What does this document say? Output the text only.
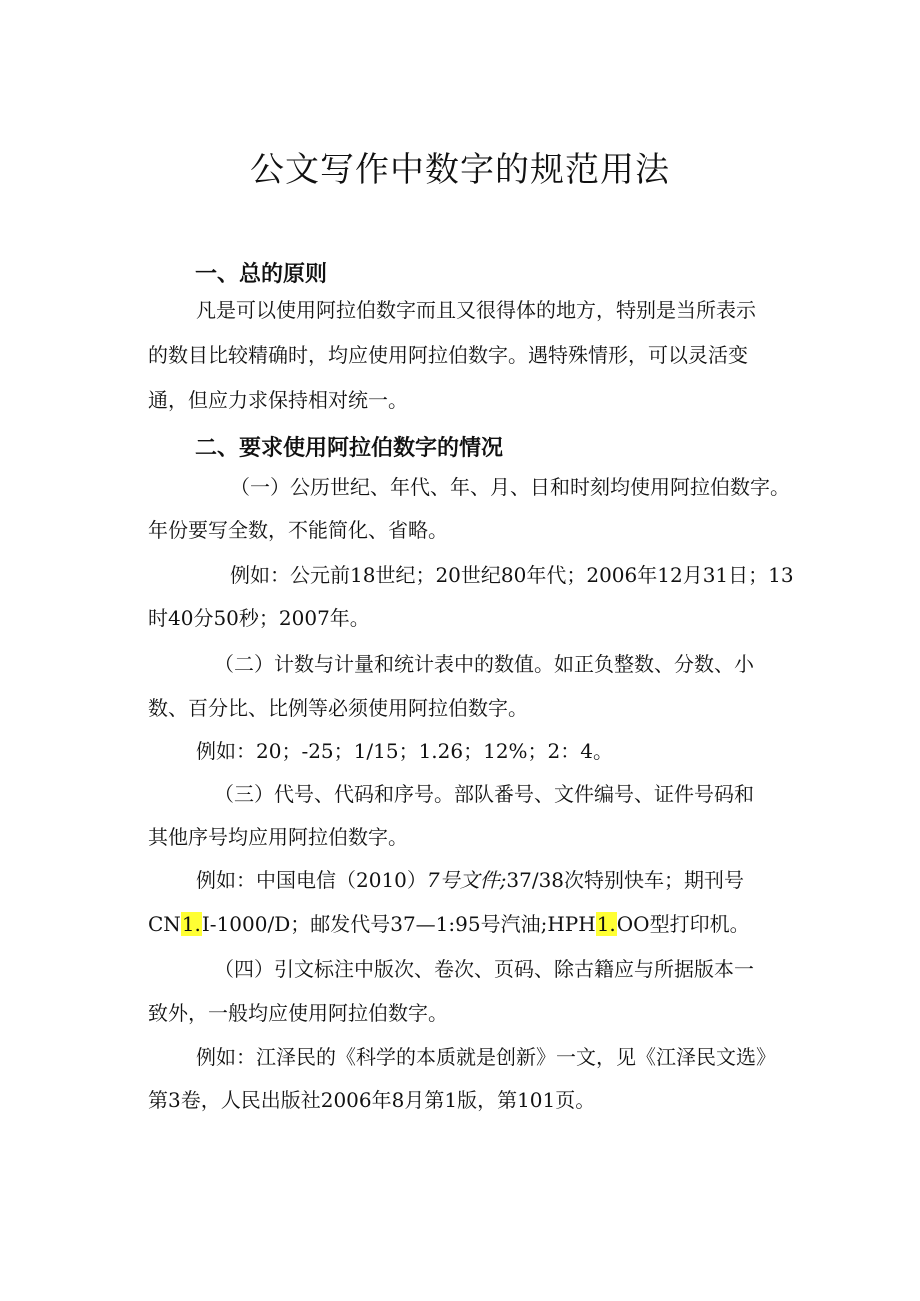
公文写作中数字的规范用法
一、总的原则
凡是可以使用阿拉伯数字而且又很得体的地方，特别是当所表示
的数目比较精确时，均应使用阿拉伯数字。遇特殊情形，可以灵活变
通，但应力求保持相对统一。
二、要求使用阿拉伯数字的情况
（一）公历世纪、年代、年、月、日和时刻均使用阿拉伯数字。
年份要写全数，不能简化、省略。
例如：公元前18世纪；20世纪80年代；2006年12月31日；13
时40分50秒；2007年。
（二）计数与计量和统计表中的数值。如正负整数、分数、小
数、百分比、比例等必须使用阿拉伯数字。
例如：20；-25；1/15；1.26；12%；2：4。
（三）代号、代码和序号。部队番号、文件编号、证件号码和
其他序号均应用阿拉伯数字。
例如：中国电信（2010）7号文件;37/38次特别快车；期刊号
CN1.I-1000/D；邮发代号37—1:95号汽油;HPH1.OO型打印机。
（四）引文标注中版次、卷次、页码、除古籍应与所据版本一
致外，一般均应使用阿拉伯数字。
例如：江泽民的《科学的本质就是创新》一文，见《江泽民文选》
第3卷，人民出版社2006年8月第1版，第101页。
